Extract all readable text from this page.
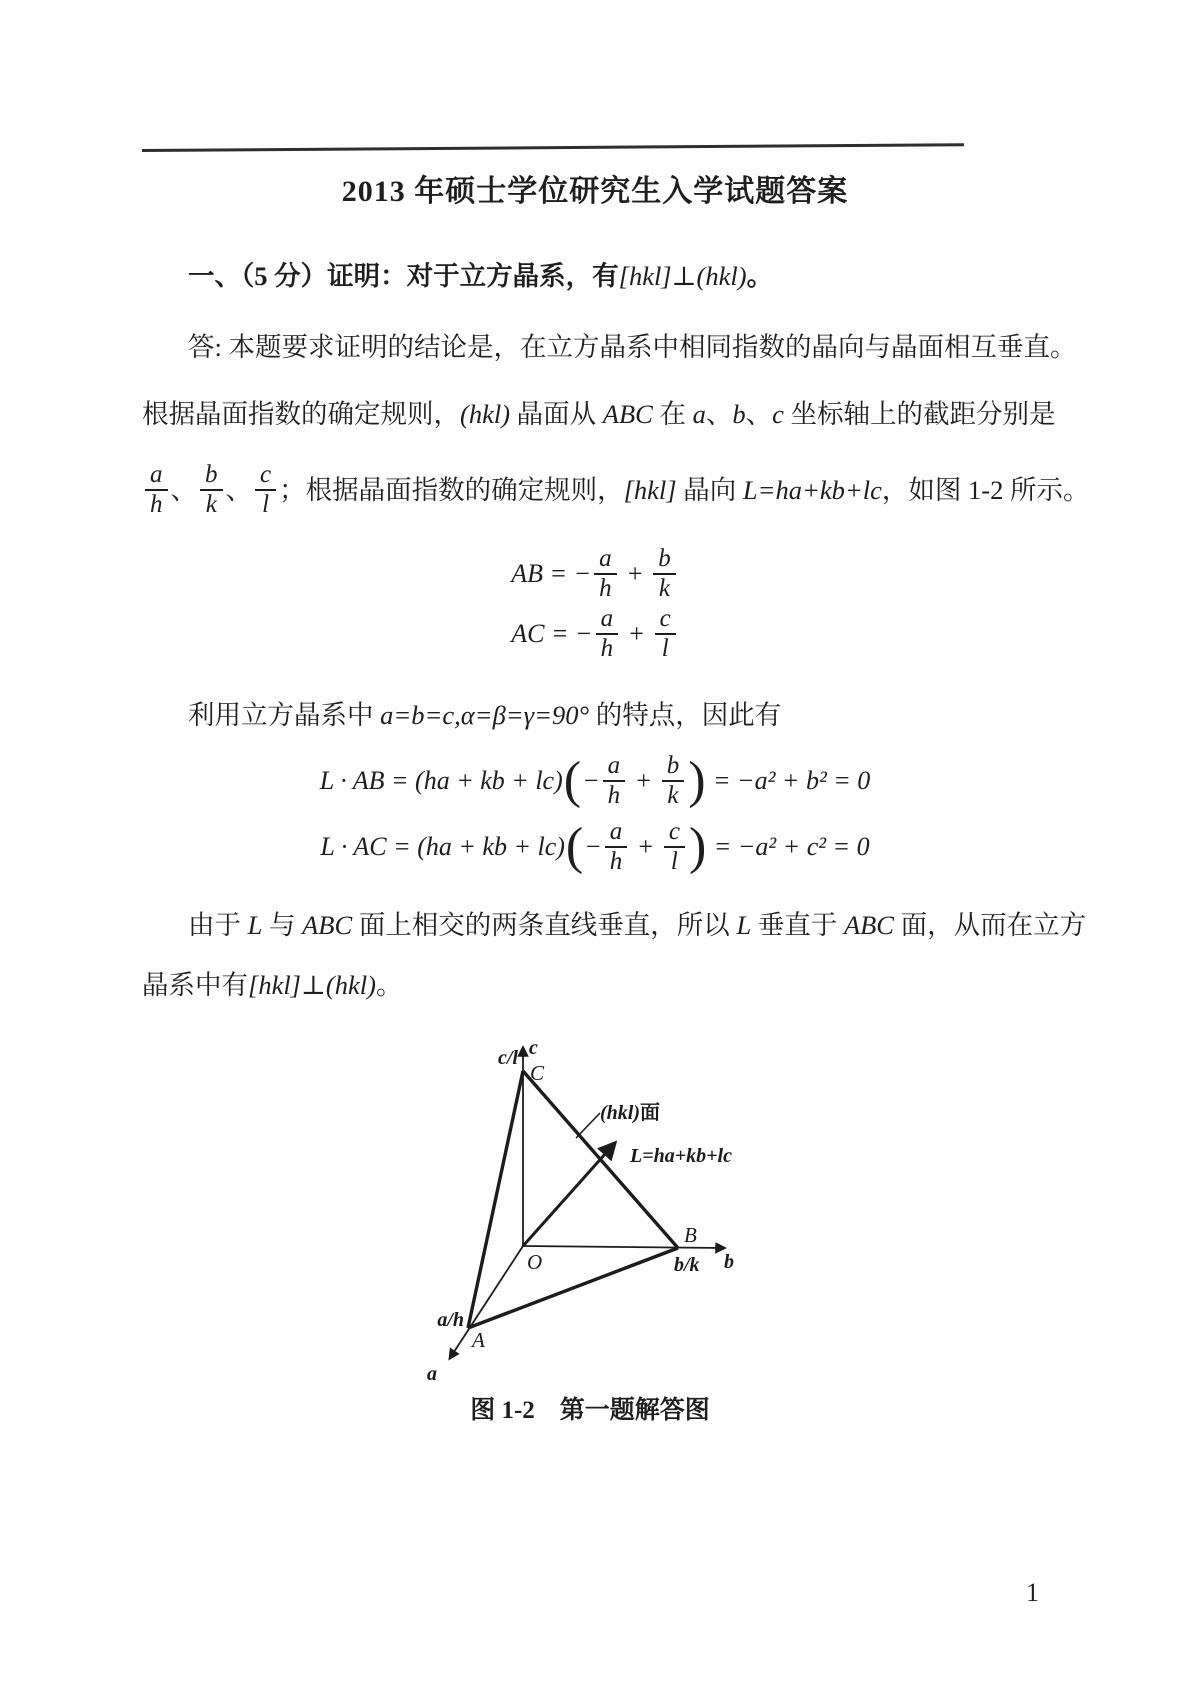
2013 年硕士学位研究生入学试题答案
一、（5 分）证明：对于立方晶系，有 [hkl]⊥(hkl) 。
答: 本题要求证明的结论是，在立方晶系中相同指数的晶向与晶面相互垂直。
根据晶面指数的确定规则， (hkl) 晶面从 ABC 在 a 、 b 、 c 坐标轴上的截距分别是
$\frac{a}{h}$ 、 $\frac{b}{k}$ 、 $\frac{c}{l}$ ；根据晶面指数的确定规则， [hkl] 晶向 L=ha+kb+lc ，如图 1-2 所示。
AB = − $\frac{a}{h} + \frac{b}{k}$
AC = − $\frac{a}{h} + \frac{c}{l}$
利用立方晶系中 a=b=c,α=β=γ=90° 的特点，因此有
L · AB = (ha + kb + lc) ( − $\frac{a}{h} + \frac{b}{k}$ ) = −a² + b² = 0
L · AC = (ha + kb + lc) ( − $\frac{a}{h} + \frac{c}{l}$ ) = −a² + c² = 0
由于 L 与 ABC 面上相交的两条直线垂直，所以 L 垂直于 ABC 面，从而在立方
晶系中有 [hkl]⊥(hkl) 。
c
c/l
C
(hkl)面
L=ha+kb+lc
B
b/k b
O
a/h
A
a
图 1-2　第一题解答图
1
